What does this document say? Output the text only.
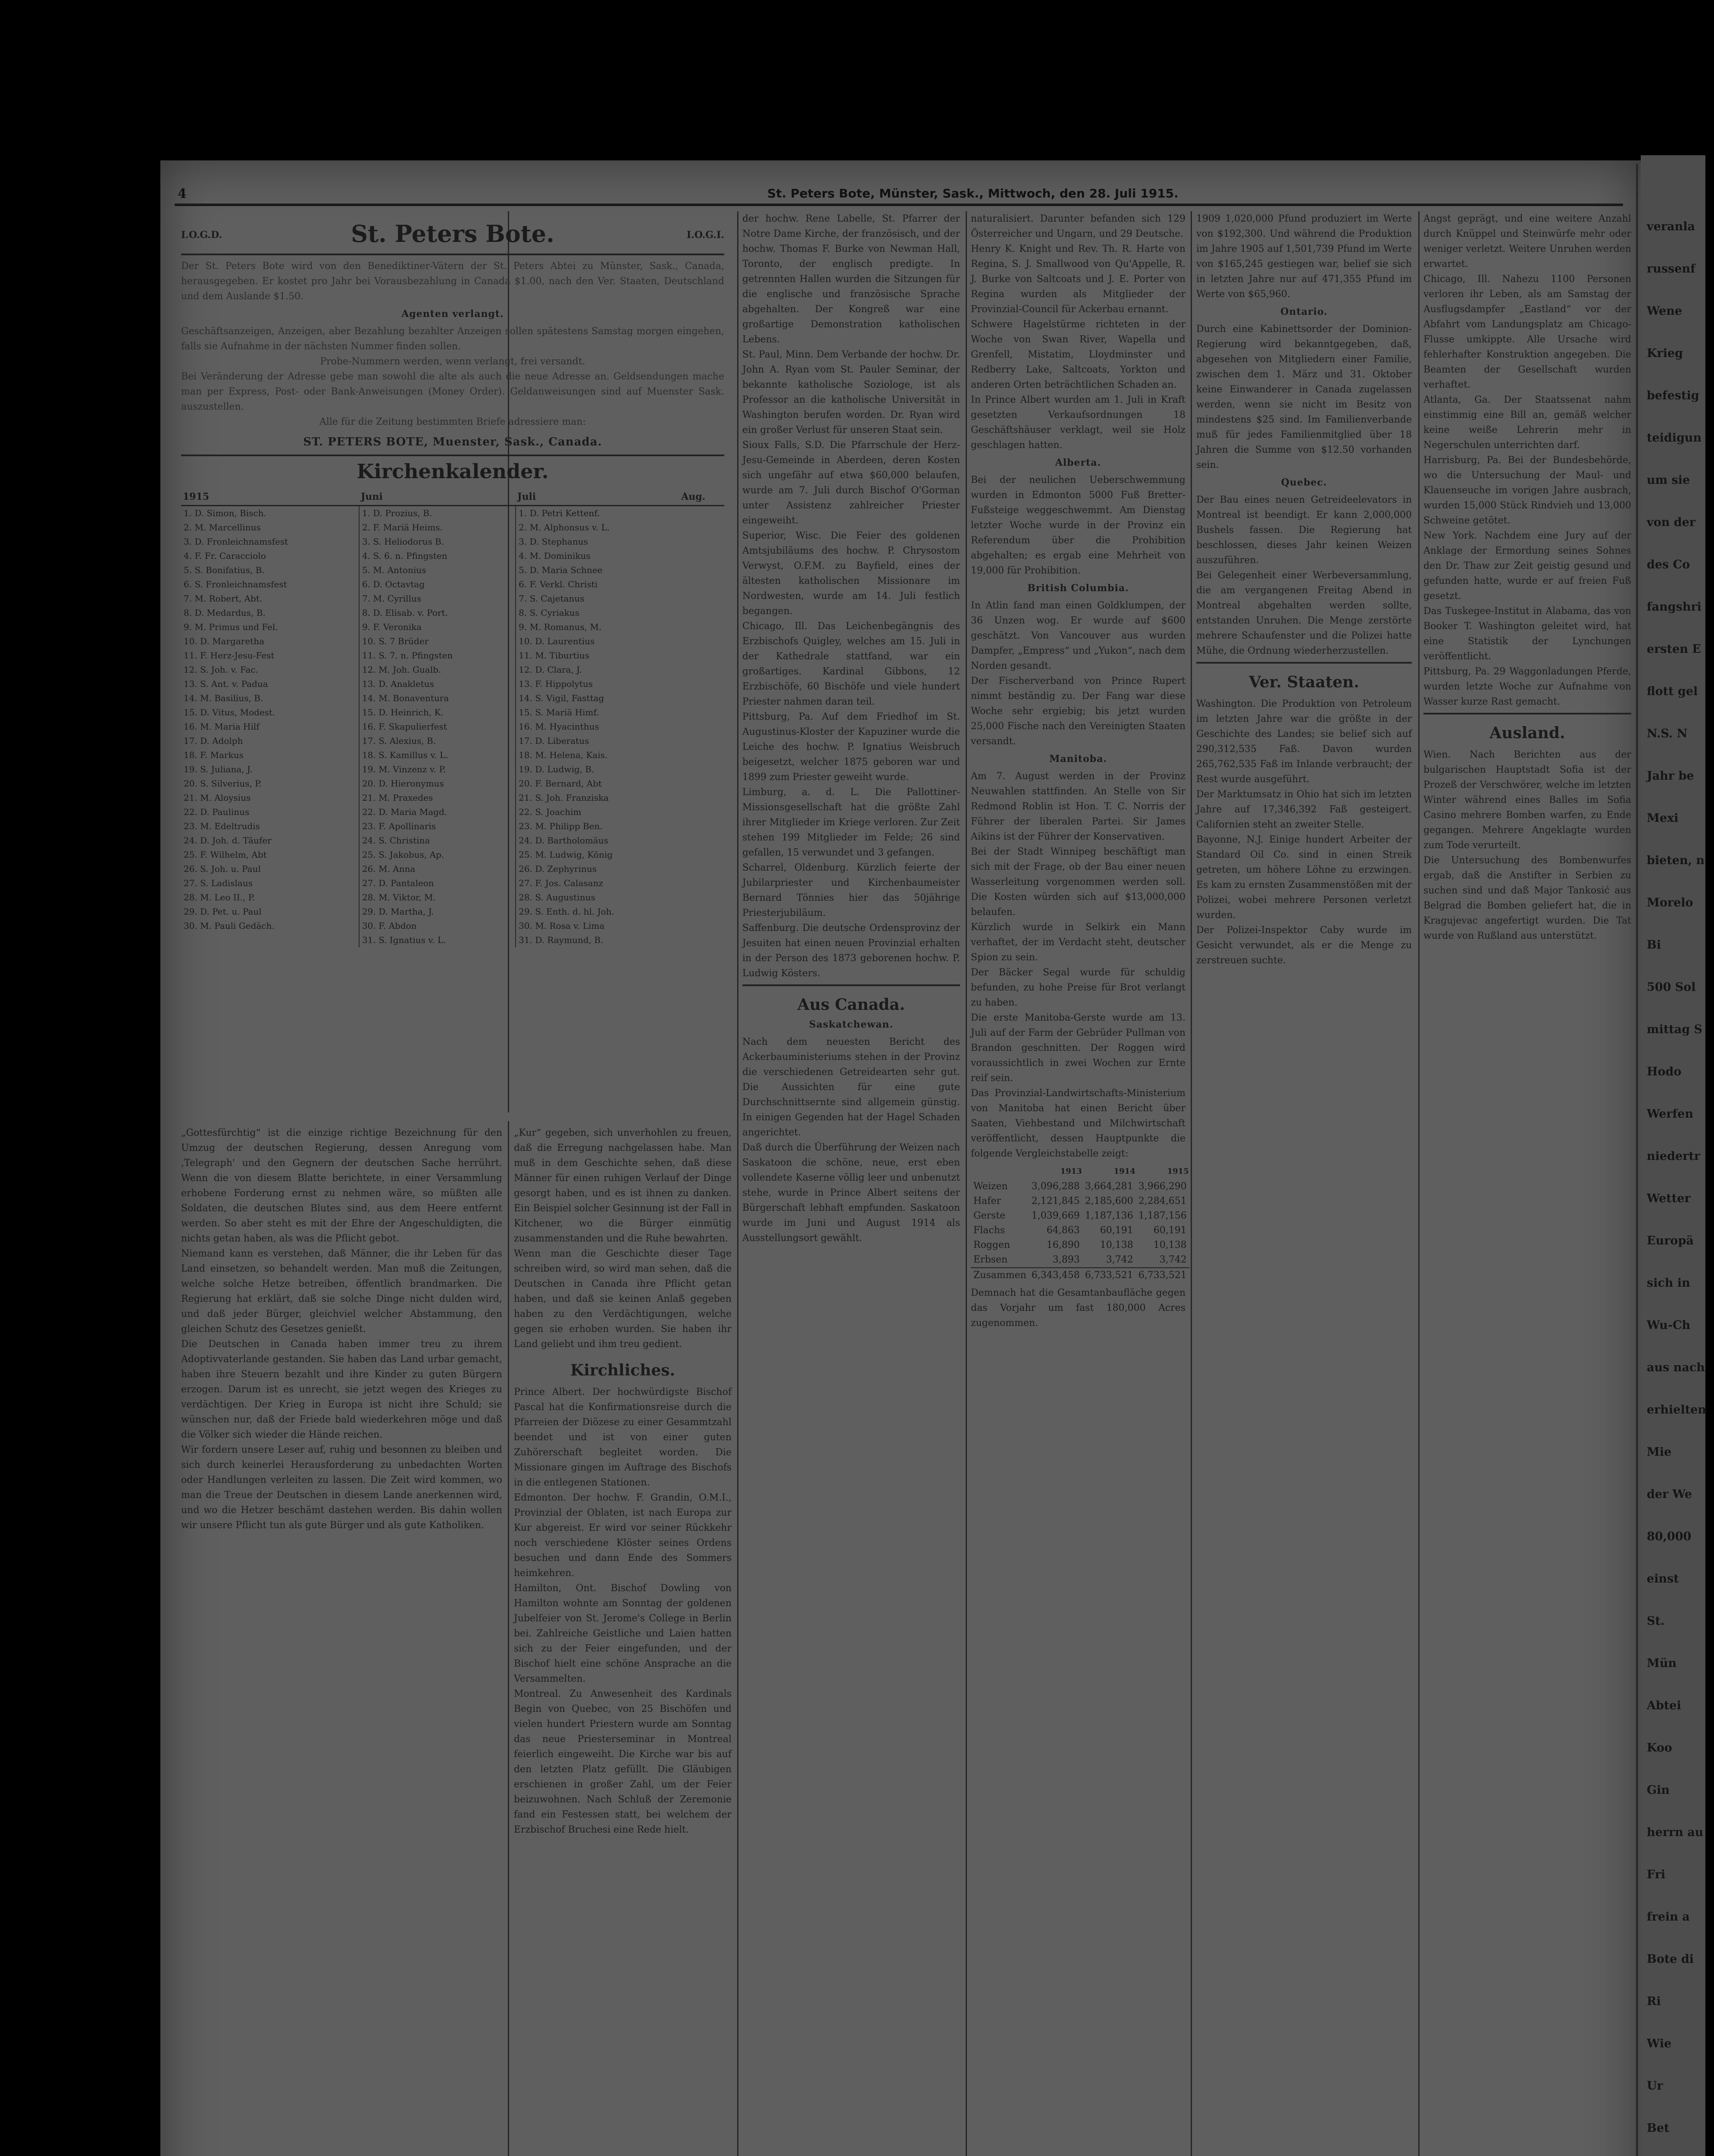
veranla
russenf
Wene
Krieg
befestig
teidigun
um sie
von der
des Co
fangshri
ersten E
flott gel
N.S. N
Jahr be
Mexi
bieten, n
Morelo
Bi
500 Sol
mittag S
Hodo
Werfen
niedertr
Wetter
Europä
sich in
Wu-Ch
aus nach
erhielten
Mie
der We
80,000
einst
St.
Mün
Abtei
Koo
Gin
herrn au
Fri
frein a
Bote di
Ri
Wie
Ur
Bet
4	St. Peters Bote, Münster, Sask., Mittwoch, den 28. Juli 1915.
I.O.G.D.	St. Peters Bote.	I.O.G.I.

Der St. Peters Bote wird von den Benediktiner-Vätern der St. Peters Abtei zu Münster, Sask., Canada, herausgegeben. Er kostet pro Jahr bei Vorausbezahlung in Canada $1.00, nach den Ver. Staaten, Deutschland und dem Auslande $1.50.

Agenten verlangt.

Geschäftsanzeigen, Anzeigen, aber Bezahlung bezahlter Anzeigen sollen spätestens Samstag morgen eingehen, falls sie Aufnahme in der nächsten Nummer finden sollen.

Probe-Nummern werden, wenn verlangt, frei versandt.

Bei Veränderung der Adresse gebe man sowohl die alte als auch die neue Adresse an. Geldsendungen mache man per Express, Post- oder Bank-Anweisungen (Money Order). Geldanweisungen sind auf Muenster Sask. auszustellen.

Alle für die Zeitung bestimmten Briefe adressiere man:

ST. PETERS BOTE, Muenster, Sask., Canada.
Kirchenkalender.
1915	Juni	Juli	Aug.
1. D. Simon, Bisch.	1. D. Prozius, B.	1. D. Petri Kettenf.	
2. M. Marcellinus	2. F. Mariä Heims.	2. M. Alphonsus v. L.	
3. D. Fronleichnamsfest	3. S. Heliodorus B.	3. D. Stephanus	
4. F. Fr. Caracciolo	4. S. 6. n. Pfingsten	4. M. Dominikus	
5. S. Bonifatius, B.	5. M. Antonius	5. D. Maria Schnee	
6. S. Fronleichnamsfest	6. D. Octavtag	6. F. Verkl. Christi	
7. M. Robert, Abt.	7. M. Cyrillus	7. S. Cajetanus	
8. D. Medardus, B.	8. D. Elisab. v. Port.	8. S. Cyriakus	
9. M. Primus und Fel.	9. F. Veronika	9. M. Romanus, M.	
10. D. Margaretha	10. S. 7 Brüder	10. D. Laurentius	
11. F. Herz-Jesu-Fest	11. S. 7. n. Pfingsten	11. M. Tiburtius	
12. S. Joh. v. Fac.	12. M. Joh. Gualb.	12. D. Clara, J.	
13. S. Ant. v. Padua	13. D. Anakletus	13. F. Hippolytus	
14. M. Basilius, B.	14. M. Bonaventura	14. S. Vigil, Fasttag	
15. D. Vitus, Modest.	15. D. Heinrich, K.	15. S. Mariä Himf.	
16. M. Maria Hilf	16. F. Skapulierfest	16. M. Hyacinthus	
17. D. Adolph	17. S. Alexius, B.	17. D. Liberatus	
18. F. Markus	18. S. Kamillus v. L.	18. M. Helena, Kais.	
19. S. Juliana, J.	19. M. Vinzenz v. P.	19. D. Ludwig, B.	
20. S. Silverius, P.	20. D. Hieronymus	20. F. Bernard, Abt	
21. M. Aloysius	21. M. Praxedes	21. S. Joh. Franziska	
22. D. Paulinus	22. D. Maria Magd.	22. S. Joachim	
23. M. Edeltrudis	23. F. Apollinaris	23. M. Philipp Ben.	
24. D. Joh. d. Täufer	24. S. Christina	24. D. Bartholomäus	
25. F. Wilhelm, Abt	25. S. Jakobus, Ap.	25. M. Ludwig, König	
26. S. Joh. u. Paul	26. M. Anna	26. D. Zephyrinus	
27. S. Ladislaus	27. D. Pantaleon	27. F. Jos. Calasanz	
28. M. Leo II., P.	28. M. Viktor, M.	28. S. Augustinus	
29. D. Pet. u. Paul	29. D. Martha, J.	29. S. Enth. d. hl. Joh.	
30. M. Pauli Gedäch.	30. F. Abdon	30. M. Rosa v. Lima	
	31. S. Ignatius v. L.	31. D. Raymund, B.	

„Gottesfürchtig“ ist die einzige richtige Bezeichnung für den Umzug der deutschen Regierung, dessen Anregung vom ,Telegraph' und den Gegnern der deutschen Sache herrührt. Wenn die von diesem Blatte berichtete, in einer Versammlung erhobene Forderung ernst zu nehmen wäre, so müßten alle Soldaten, die deutschen Blutes sind, aus dem Heere entfernt werden. So aber steht es mit der Ehre der Angeschuldigten, die nichts getan haben, als was die Pflicht gebot.

Niemand kann es verstehen, daß Männer, die ihr Leben für das Land einsetzen, so behandelt werden. Man muß die Zeitungen, welche solche Hetze betreiben, öffentlich brandmarken. Die Regierung hat erklärt, daß sie solche Dinge nicht dulden wird, und daß jeder Bürger, gleichviel welcher Abstammung, den gleichen Schutz des Gesetzes genießt.

Die Deutschen in Canada haben immer treu zu ihrem Adoptivvaterlande gestanden. Sie haben das Land urbar gemacht, haben ihre Steuern bezahlt und ihre Kinder zu guten Bürgern erzogen. Darum ist es unrecht, sie jetzt wegen des Krieges zu verdächtigen. Der Krieg in Europa ist nicht ihre Schuld; sie wünschen nur, daß der Friede bald wiederkehren möge und daß die Völker sich wieder die Hände reichen.

Wir fordern unsere Leser auf, ruhig und besonnen zu bleiben und sich durch keinerlei Herausforderung zu unbedachten Worten oder Handlungen verleiten zu lassen. Die Zeit wird kommen, wo man die Treue der Deutschen in diesem Lande anerkennen wird, und wo die Hetzer beschämt dastehen werden. Bis dahin wollen wir unsere Pflicht tun als gute Bürger und als gute Katholiken.

„Kur“ gegeben, sich unverhohlen zu freuen, daß die Erregung nachgelassen habe. Man muß in dem Geschichte sehen, daß diese Männer für einen ruhigen Verlauf der Dinge gesorgt haben, und es ist ihnen zu danken. Ein Beispiel solcher Gesinnung ist der Fall in Kitchener, wo die Bürger einmütig zusammenstanden und die Ruhe bewahrten.

Wenn man die Geschichte dieser Tage schreiben wird, so wird man sehen, daß die Deutschen in Canada ihre Pflicht getan haben, und daß sie keinen Anlaß gegeben haben zu den Verdächtigungen, welche gegen sie erhoben wurden. Sie haben ihr Land geliebt und ihm treu gedient.

Kirchliches.

Prince Albert. Der hochwürdigste Bischof Pascal hat die Konfirmationsreise durch die Pfarreien der Diözese zu einer Gesammtzahl beendet und ist von einer guten Zuhörerschaft begleitet worden. Die Missionare gingen im Auftrage des Bischofs in die entlegenen Stationen.

Edmonton. Der hochw. F. Grandin, O.M.I., Provinzial der Oblaten, ist nach Europa zur Kur abgereist. Er wird vor seiner Rückkehr noch verschiedene Klöster seines Ordens besuchen und dann Ende des Sommers heimkehren.

Hamilton, Ont. Bischof Dowling von Hamilton wohnte am Sonntag der goldenen Jubelfeier von St. Jerome's College in Berlin bei. Zahlreiche Geistliche und Laien hatten sich zu der Feier eingefunden, und der Bischof hielt eine schöne Ansprache an die Versammelten.

Montreal. Zu Anwesenheit des Kardinals Begin von Quebec, von 25 Bischöfen und vielen hundert Priestern wurde am Sonntag das neue Priesterseminar in Montreal feierlich eingeweiht. Die Kirche war bis auf den letzten Platz gefüllt. Die Gläubigen erschienen in großer Zahl, um der Feier beizuwohnen. Nach Schluß der Zeremonie fand ein Festessen statt, bei welchem der Erzbischof Bruchesi eine Rede hielt.

der hochw. Rene Labelle, St. Pfarrer der Notre Dame Kirche, der französisch, und der hochw. Thomas F. Burke von Newman Hall, Toronto, der englisch predigte. In getrennten Hallen wurden die Sitzungen für die englische und französische Sprache abgehalten. Der Kongreß war eine großartige Demonstration katholischen Lebens.

St. Paul, Minn. Dem Verbande der hochw. Dr. John A. Ryan vom St. Pauler Seminar, der bekannte katholische Soziologe, ist als Professor an die katholische Universität in Washington berufen worden. Dr. Ryan wird ein großer Verlust für unseren Staat sein.

Sioux Falls, S.D. Die Pfarrschule der Herz-Jesu-Gemeinde in Aberdeen, deren Kosten sich ungefähr auf etwa $60,000 belaufen, wurde am 7. Juli durch Bischof O'Gorman unter Assistenz zahlreicher Priester eingeweiht.

Superior, Wisc. Die Feier des goldenen Amtsjubiläums des hochw. P. Chrysostom Verwyst, O.F.M. zu Bayfield, eines der ältesten katholischen Missionare im Nordwesten, wurde am 14. Juli festlich begangen.

Chicago, Ill. Das Leichenbegängnis des Erzbischofs Quigley, welches am 15. Juli in der Kathedrale stattfand, war ein großartiges. Kardinal Gibbons, 12 Erzbischöfe, 60 Bischöfe und viele hundert Priester nahmen daran teil.

Pittsburg, Pa. Auf dem Friedhof im St. Augustinus-Kloster der Kapuziner wurde die Leiche des hochw. P. Ignatius Weisbruch beigesetzt, welcher 1875 geboren war und 1899 zum Priester geweiht wurde.

Limburg, a. d. L. Die Pallottiner-Missionsgesellschaft hat die größte Zahl ihrer Mitglieder im Kriege verloren. Zur Zeit stehen 199 Mitglieder im Felde; 26 sind gefallen, 15 verwundet und 3 gefangen.

Scharrel, Oldenburg. Kürzlich feierte der Jubilarpriester und Kirchenbaumeister Bernard Tönnies hier das 50jährige Priesterjubiläum.

Saffenburg. Die deutsche Ordensprovinz der Jesuiten hat einen neuen Provinzial erhalten in der Person des 1873 geborenen hochw. P. Ludwig Kösters.

Aus Canada.
Saskatchewan.

Nach dem neuesten Bericht des Ackerbauministeriums stehen in der Provinz die verschiedenen Getreidearten sehr gut. Die Aussichten für eine gute Durchschnittsernte sind allgemein günstig. In einigen Gegenden hat der Hagel Schaden angerichtet.

Daß durch die Überführung der Weizen nach Saskatoon die schöne, neue, erst eben vollendete Kaserne völlig leer und unbenutzt stehe, wurde in Prince Albert seitens der Bürgerschaft lebhaft empfunden. Saskatoon wurde im Juni und August 1914 als Ausstellungsort gewählt.

naturalisiert. Darunter befanden sich 129 Österreicher und Ungarn, und 29 Deutsche.

Henry K. Knight und Rev. Th. R. Harte von Regina, S. J. Smallwood von Qu'Appelle, R. J. Burke von Saltcoats und J. E. Porter von Regina wurden als Mitglieder der Provinzial-Council für Ackerbau ernannt.

Schwere Hagelstürme richteten in der Woche von Swan River, Wapella und Grenfell, Mistatim, Lloydminster und Redberry Lake, Saltcoats, Yorkton und anderen Orten beträchtlichen Schaden an.

In Prince Albert wurden am 1. Juli in Kraft gesetzten Verkaufsordnungen 18 Geschäftshäuser verklagt, weil sie Holz geschlagen hatten.

Alberta.

Bei der neulichen Ueberschwemmung wurden in Edmonton 5000 Fuß Bretter-Fußsteige weggeschwemmt. Am Dienstag letzter Woche wurde in der Provinz ein Referendum über die Prohibition abgehalten; es ergab eine Mehrheit von 19,000 für Prohibition.

British Columbia.

In Atlin fand man einen Goldklumpen, der 36 Unzen wog. Er wurde auf $600 geschätzt. Von Vancouver aus wurden Dampfer, „Empress“ und „Yukon“, nach dem Norden gesandt.

Der Fischerverband von Prince Rupert nimmt beständig zu. Der Fang war diese Woche sehr ergiebig; bis jetzt wurden 25,000 Fische nach den Vereinigten Staaten versandt.

Manitoba.

Am 7. August werden in der Provinz Neuwahlen stattfinden. An Stelle von Sir Redmond Roblin ist Hon. T. C. Norris der Führer der liberalen Partei. Sir James Aikins ist der Führer der Konservativen.

Bei der Stadt Winnipeg beschäftigt man sich mit der Frage, ob der Bau einer neuen Wasserleitung vorgenommen werden soll. Die Kosten würden sich auf $13,000,000 belaufen.

Kürzlich wurde in Selkirk ein Mann verhaftet, der im Verdacht steht, deutscher Spion zu sein.

Der Bäcker Segal wurde für schuldig befunden, zu hohe Preise für Brot verlangt zu haben.

Die erste Manitoba-Gerste wurde am 13. Juli auf der Farm der Gebrüder Pullman von Brandon geschnitten. Der Roggen wird voraussichtlich in zwei Wochen zur Ernte reif sein.

Das Provinzial-Landwirtschafts-Ministerium von Manitoba hat einen Bericht über Saaten, Viehbestand und Milchwirtschaft veröffentlicht, dessen Hauptpunkte die folgende Vergleichstabelle zeigt:

	1913	1914	1915
Weizen	3,096,288	3,664,281	3,966,290
Hafer	2,121,845	2,185,600	2,284,651
Gerste	1,039,669	1,187,136	1,187,156
Flachs	64,863	60,191	60,191
Roggen	16,890	10,138	10,138
Erbsen	3,893	3,742	3,742
Zusammen	6,343,458	6,733,521	6,733,521

Demnach hat die Gesamtanbaufläche gegen das Vorjahr um fast 180,000 Acres zugenommen.

1909 1,020,000 Pfund produziert im Werte von $192,300. Und während die Produktion im Jahre 1905 auf 1,501,739 Pfund im Werte von $165,245 gestiegen war, belief sie sich in letzten Jahre nur auf 471,355 Pfund im Werte von $65,960.

Ontario.

Durch eine Kabinettsorder der Dominion-Regierung wird bekanntgegeben, daß, abgesehen von Mitgliedern einer Familie, zwischen dem 1. März und 31. Oktober keine Einwanderer in Canada zugelassen werden, wenn sie nicht im Besitz von mindestens $25 sind. Im Familienverbande muß für jedes Familienmitglied über 18 Jahren die Summe von $12.50 vorhanden sein.

Quebec.

Der Bau eines neuen Getreideelevators in Montreal ist beendigt. Er kann 2,000,000 Bushels fassen. Die Regierung hat beschlossen, dieses Jahr keinen Weizen auszuführen.

Bei Gelegenheit einer Werbeversammlung, die am vergangenen Freitag Abend in Montreal abgehalten werden sollte, entstanden Unruhen. Die Menge zerstörte mehrere Schaufenster und die Polizei hatte Mühe, die Ordnung wiederherzustellen.

Ver. Staaten.

Washington. Die Produktion von Petroleum im letzten Jahre war die größte in der Geschichte des Landes; sie belief sich auf 290,312,535 Faß. Davon wurden 265,762,535 Faß im Inlande verbraucht; der Rest wurde ausgeführt.

Der Marktumsatz in Ohio hat sich im letzten Jahre auf 17,346,392 Faß gesteigert. Californien steht an zweiter Stelle.

Bayonne, N.J. Einige hundert Arbeiter der Standard Oil Co. sind in einen Streik getreten, um höhere Löhne zu erzwingen. Es kam zu ernsten Zusammenstößen mit der Polizei, wobei mehrere Personen verletzt wurden.

Der Polizei-Inspektor Caby wurde im Gesicht verwundet, als er die Menge zu zerstreuen suchte.

Angst geprägt, und eine weitere Anzahl durch Knüppel und Steinwürfe mehr oder weniger verletzt. Weitere Unruhen werden erwartet.

Chicago, Ill. Nahezu 1100 Personen verloren ihr Leben, als am Samstag der Ausflugsdampfer „Eastland“ vor der Abfahrt vom Landungsplatz am Chicago-Flusse umkippte. Alle Ursache wird fehlerhafter Konstruktion angegeben. Die Beamten der Gesellschaft wurden verhaftet.

Atlanta, Ga. Der Staatssenat nahm einstimmig eine Bill an, gemäß welcher keine weiße Lehrerin mehr in Negerschulen unterrichten darf.

Harrisburg, Pa. Bei der Bundesbehörde, wo die Untersuchung der Maul- und Klauenseuche im vorigen Jahre ausbrach, wurden 15,000 Stück Rindvieh und 13,000 Schweine getötet.

New York. Nachdem eine Jury auf der Anklage der Ermordung seines Sohnes den Dr. Thaw zur Zeit geistig gesund und gefunden hatte, wurde er auf freien Fuß gesetzt.

Das Tuskegee-Institut in Alabama, das von Booker T. Washington geleitet wird, hat eine Statistik der Lynchungen veröffentlicht.

Pittsburg, Pa. 29 Waggonladungen Pferde, wurden letzte Woche zur Aufnahme von Wasser kurze Rast gemacht.

Ausland.

Wien. Nach Berichten aus der bulgarischen Hauptstadt Sofia ist der Prozeß der Verschwörer, welche im letzten Winter während eines Balles im Sofia Casino mehrere Bomben warfen, zu Ende gegangen. Mehrere Angeklagte wurden zum Tode verurteilt.

Die Untersuchung des Bombenwurfes ergab, daß die Anstifter in Serbien zu suchen sind und daß Major Tankosić aus Belgrad die Bomben geliefert hat, die in Kragujevac angefertigt wurden. Die Tat wurde von Rußland aus unterstützt.
